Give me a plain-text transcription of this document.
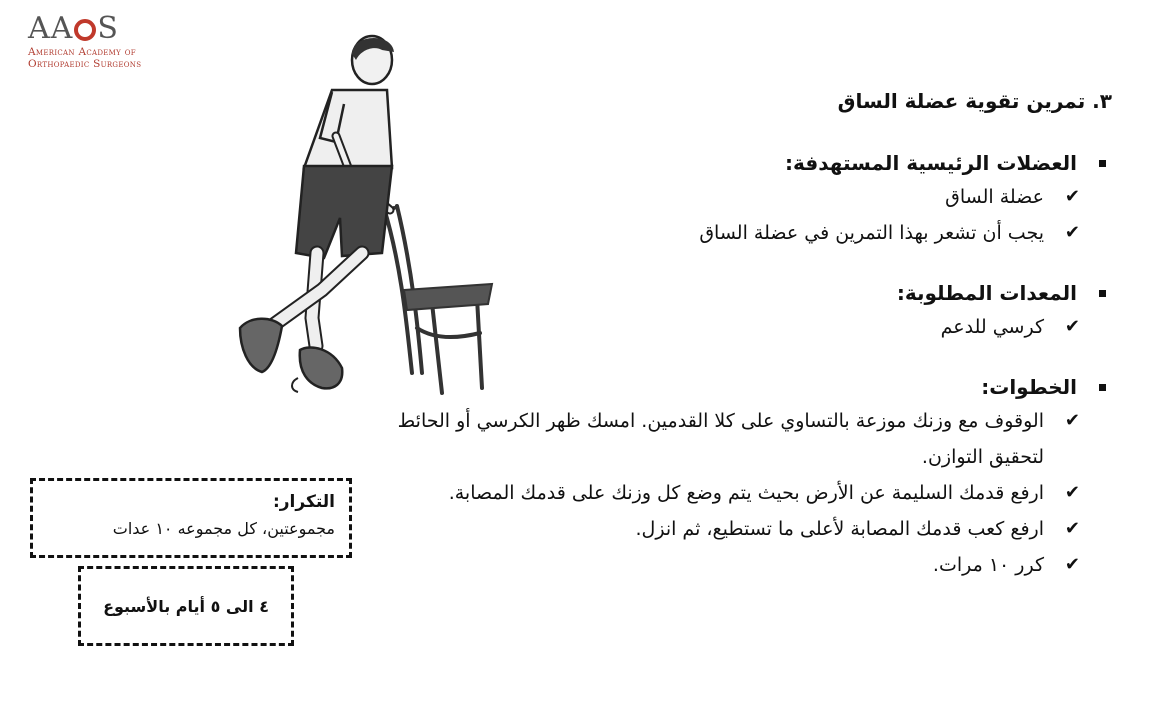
AA S
American Academy of
Orthopaedic Surgeons
٣. تمرين تقوية عضلة الساق
العضلات الرئيسية المستهدفة:
✔
عضلة الساق
✔
يجب أن تشعر بهذا التمرين في عضلة الساق
المعدات المطلوبة:
✔
كرسي للدعم
الخطوات:
✔
الوقوف مع وزنك موزعة بالتساوي على كلا القدمين. امسك ظهر الكرسي أو الحائط لتحقيق التوازن.
✔
ارفع قدمك السليمة عن الأرض بحيث يتم وضع كل وزنك على قدمك المصابة.
✔
ارفع كعب قدمك المصابة لأعلى ما تستطيع، ثم انزل.
✔
كرر ١٠ مرات.
التكرار:
مجموعتين، كل مجموعه ١٠ عدات
٤ الى ٥ أيام بالأسبوع
